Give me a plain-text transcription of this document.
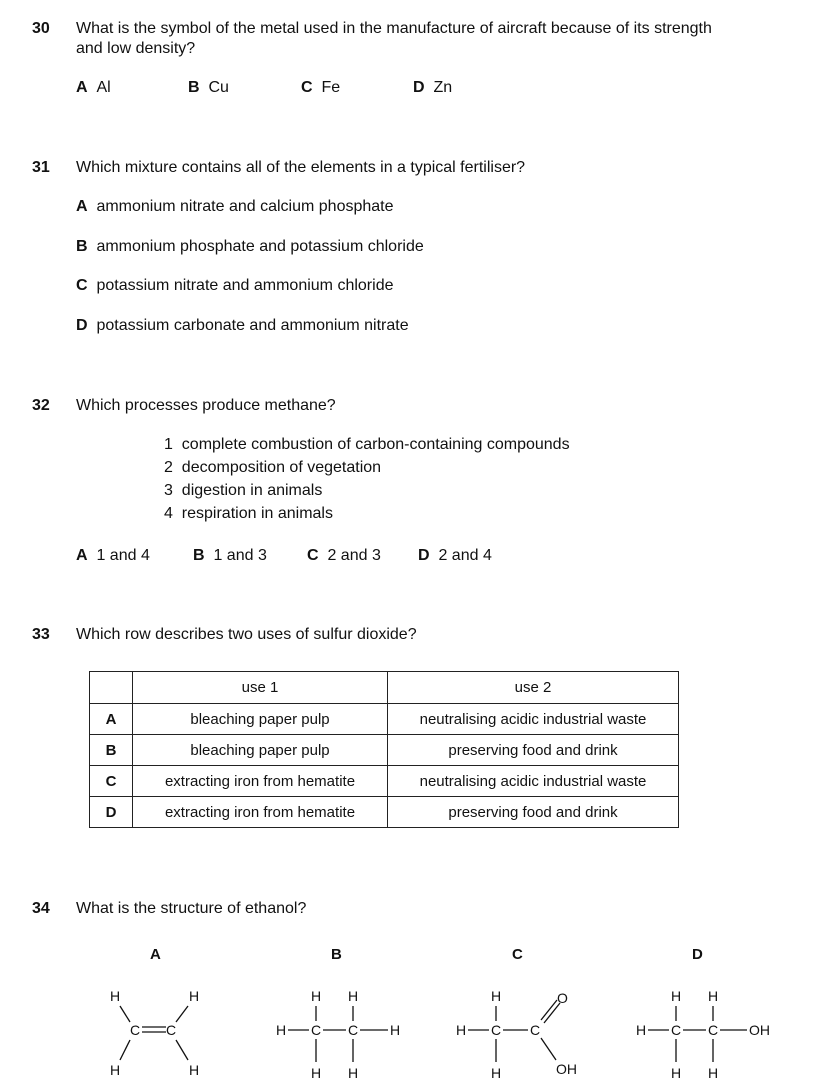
30 What is the symbol of the metal used in the manufacture of aircraft because of its strength
and low density?
A Al	B Cu	C Fe	D Zn
31 Which mixture contains all of the elements in a typical fertiliser?
A ammonium nitrate and calcium phosphate
B ammonium phosphate and potassium chloride
C potassium nitrate and ammonium chloride
D potassium carbonate and ammonium nitrate
32 Which processes produce methane?
1 complete combustion of carbon-containing compounds
2 decomposition of vegetation
3 digestion in animals
4 respiration in animals
A 1 and 4	B 1 and 3	C 2 and 3 D 2 and 4
33 Which row describes two uses of sulfur dioxide?
	use 1	use 2
A	bleaching paper pulp	neutralising acidic industrial waste
B	bleaching paper pulp	preserving food and drink
C	extracting iron from hematite	neutralising acidic industrial waste
D	extracting iron from hematite	preserving food and drink
34 What is the structure of ethanol?
A	B	C	D
H	H
H	H
C C
H H
H C C H
H H
H	O
H C C
OH
H
H H
H C C OH
H H
